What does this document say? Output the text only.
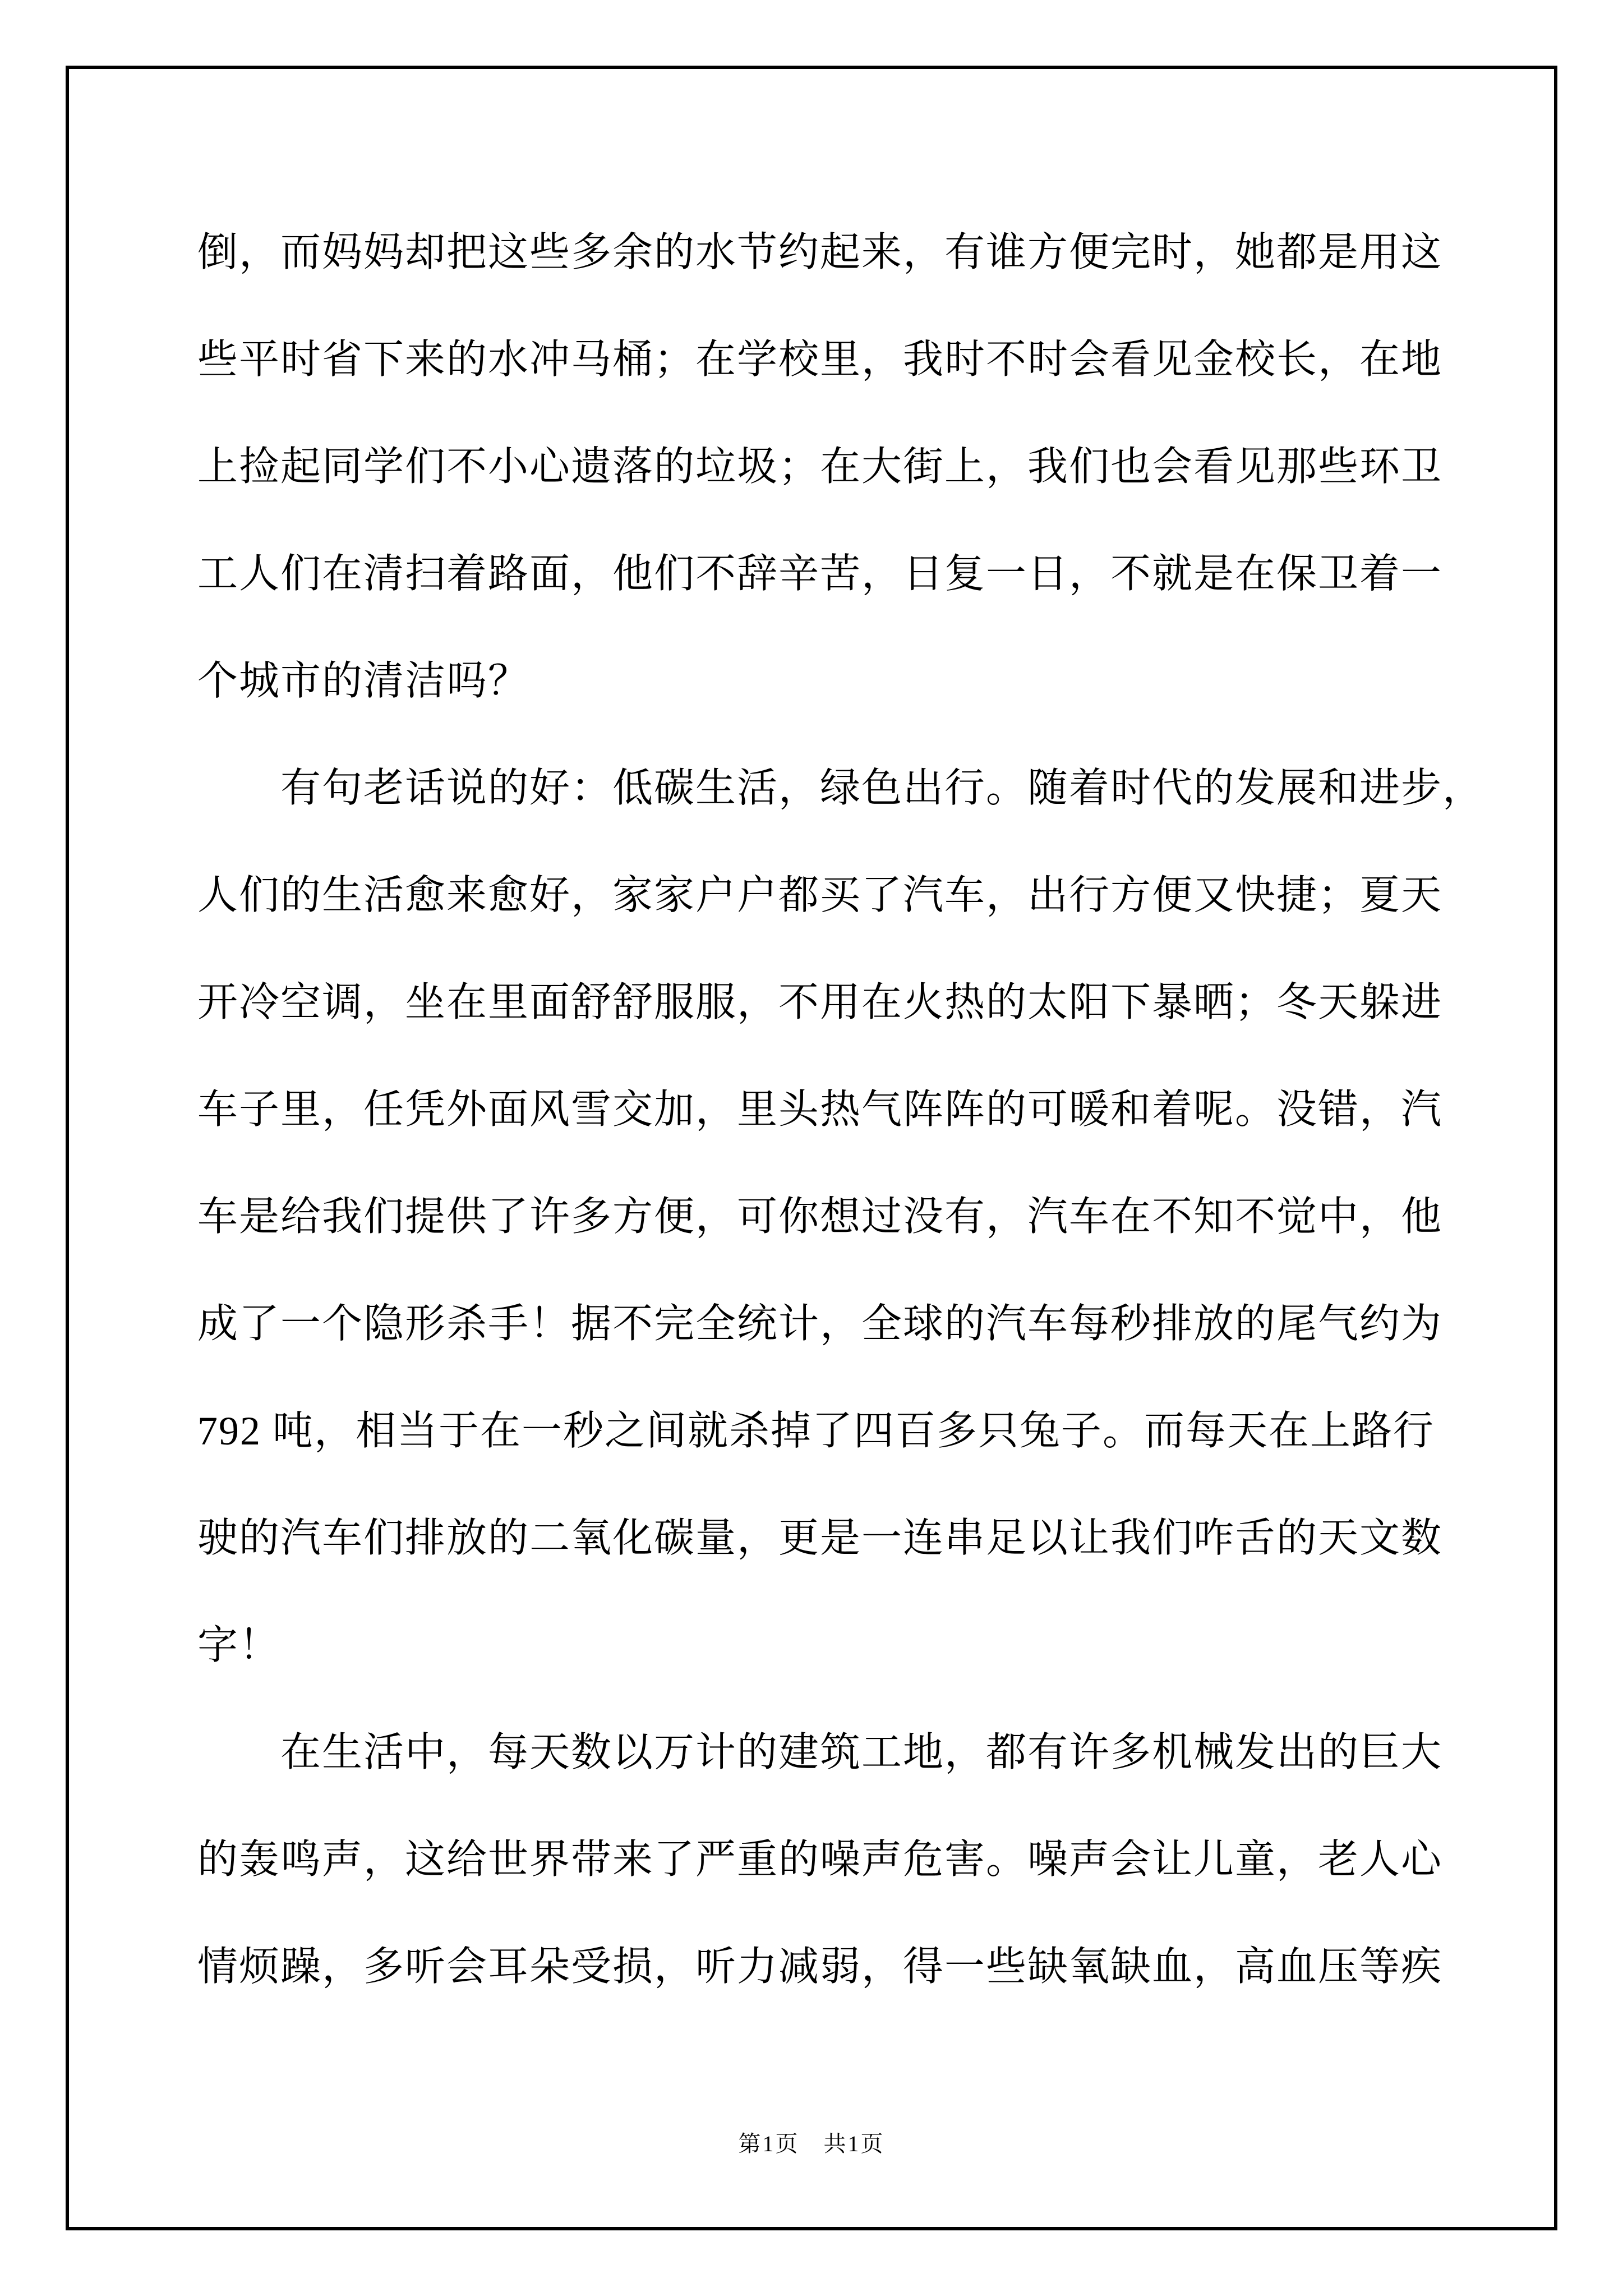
倒，而妈妈却把这些多余的水节约起来，有谁方便完时，她都是用这
些平时省下来的水冲马桶；在学校里，我时不时会看见金校长，在地
上捡起同学们不小心遗落的垃圾；在大街上，我们也会看见那些环卫
工人们在清扫着路面，他们不辞辛苦，日复一日，不就是在保卫着一
个城市的清洁吗？
有句老话说的好：低碳生活，绿色出行。随着时代的发展和进步，
人们的生活愈来愈好，家家户户都买了汽车，出行方便又快捷；夏天
开冷空调，坐在里面舒舒服服，不用在火热的太阳下暴晒；冬天躲进
车子里，任凭外面风雪交加，里头热气阵阵的可暖和着呢。没错，汽
车是给我们提供了许多方便，可你想过没有，汽车在不知不觉中，他
成了一个隐形杀手！据不完全统计，全球的汽车每秒排放的尾气约为
792 吨，相当于在一秒之间就杀掉了四百多只兔子。而每天在上路行
驶的汽车们排放的二氧化碳量，更是一连串足以让我们咋舌的天文数
字！
在生活中，每天数以万计的建筑工地，都有许多机械发出的巨大
的轰鸣声，这给世界带来了严重的噪声危害。噪声会让儿童，老人心
情烦躁，多听会耳朵受损，听力减弱，得一些缺氧缺血，高血压等疾
第1页　共1页
